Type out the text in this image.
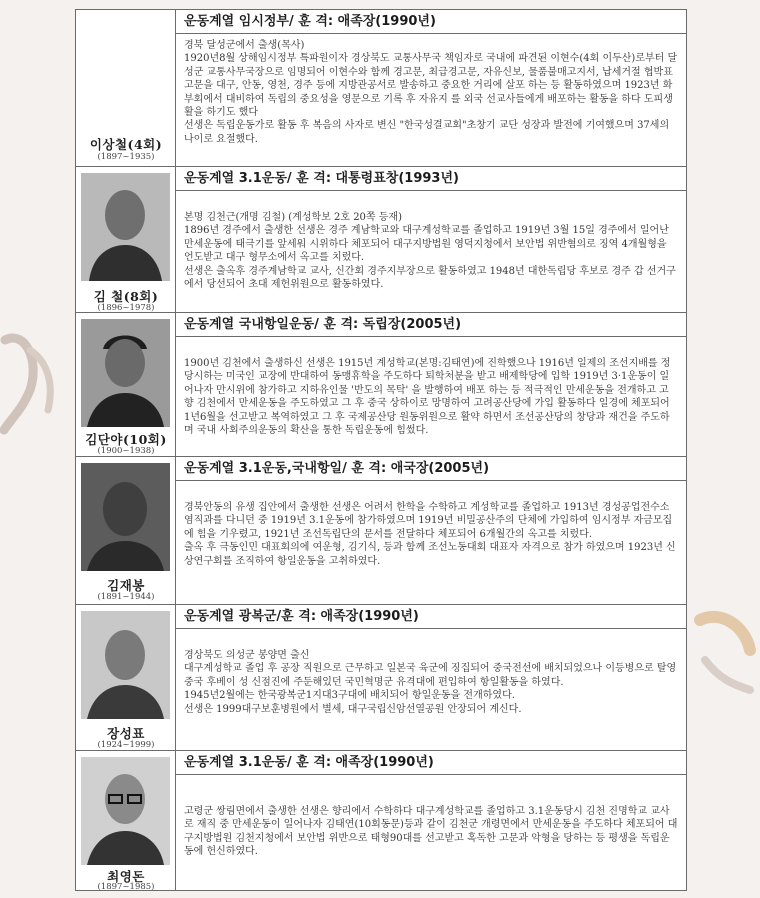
이상철(4회)
(1897~1935)
운동계열 임시정부/ 훈 격: 애족장(1990년)

경북 달성군에서 출생(목사)

1920년8월 상해임시정부 특파원이자 경상북도 교통사무국 책임자로 국내에 파견된 이현수(4회 이두산)로부터 달성군 교통사무국장으로 임명되어 이현수와 함께 경고문, 최급경고문, 자유신보, 물품불매고지서, 납세거절 협박표고문을 대구, 안동, 영천, 경주 등에 지방관공서로 발송하고 중요한 거리에 살포 하는 등 활동하였으며 1923년 화부회에서 대비하여 독립의 중요성을 영문으로 기록 후 자유지 를 외국 선교사들에게 배포하는 활동을 하다 도피생활을 하기도 했다

선생은 독립운동가로 활동 후 복음의 사자로 변신 "한국성결교회"초창기 교단 성장과 발전에 기여했으며 37세의 나이로 요절했다.

김 철(8회)
(1896~1978)
운동계열 3.1운동/ 훈 격: 대통령표창(1993년)

본명 김천근(개명 김철) (계성학보 2호 20쪽 등재)

1896년 경주에서 출생한 선생은 경주 계남학교와 대구계성학교를 졸업하고 1919년 3월 15일 경주에서 일어난 만세운동에 태극기를 앞세워 시위하다 체포되어 대구지방법원 영덕지청에서 보안법 위반혐의로 징역 4개월형을 언도받고 대구 형무소에서 옥고를 치렀다.

선생은 출옥후 경주계남학교 교사, 신간회 경주지부장으로 활동하였고 1948년 대한독립당 후보로 경주 갑 선거구에서 당선되어 초대 제헌위원으로 활동하였다.

김단야(10회)
(1900~1938)
운동계열 국내항일운동/ 훈 격: 독립장(2005년)

1900년 김천에서 출생하신 선생은 1915년 계성학교(본명:김태연)에 진학했으나 1916년 일제의 조선지배를 정당시하는 미국인 교장에 반대하여 동맹휴학을 주도하다 퇴학처분을 받고 배제학당에 입학 1919년 3·1운동이 일어나자 만시위에 참가하고 지하유인물 '반도의 목탁' 을 발행하여 배포 하는 등 적극적인 만세운동을 전개하고 고향 김천에서 만세운동을 주도하였고 그 후 중국 상하이로 망명하여 고려공산당에 가입 활동하다 일경에 체포되어 1년6월을 선고받고 복역하였고 그 후 국제공산당 원동위원으로 활약 하면서 조선공산당의 창당과 재건을 주도하며 국내 사회주의운동의 확산을 통한 독립운동에 힘썼다.

김재봉
(1891~1944)
운동계열 3.1운동,국내항일/ 훈 격: 애국장(2005년)

경북안동의 유생 집안에서 출생한 선생은 어려서 한학을 수학하고 계성학교를 졸업하고 1913년 경성공업전수소 염직과를 다니던 중 1919년 3.1운동에 참가하였으며 1919년 비밀공산주의 단체에 가입하여 임시정부 자금모집에 힘을 기우렸고, 1921년 조선독립단의 문서를 전달하다 체포되어 6개월간의 옥고를 치렀다.

출옥 후 극동인민 대표회의에 여운형, 김기식, 등과 함께 조선노동대회 대표자 자격으로 참가 하였으며 1923년 신상연구회를 조직하여 항일운동을 고취하였다.

장성표
(1924~1999)
운동계열 광복군/훈 격: 애족장(1990년)

경상북도 의성군 봉양면 출신

대구계성학교 졸업 후 공장 직원으로 근무하고 일본국 육군에 징집되어 중국전선에 배치되었으나 이등병으로 탈영 중국 후베이 성 신점진에 주둔해있던 국민혁명군 유격대에 편입하여 항일활동을 하였다.

1945년2월에는 한국광복군1지대3구대에 배치되어 항일운동을 전개하였다.

선생은 1999대구보훈병원에서 별세, 대구국립신암선열공원 안장되어 계신다.

최영돈
(1897~1985)
운동계열 3.1운동/ 훈 격: 애족장(1990년)

고령군 쌍림면에서 출생한 선생은 향리에서 수학하다 대구계성학교를 졸업하고 3.1운동당시 김천 진명학교 교사로 재직 중 만세운동이 일어나자 김태연(10회동문)등과 같이 김천군 개령면에서 만세운동을 주도하다 체포되어 대구지방법원 김천지청에서 보안법 위반으로 태형90대를 선고받고 혹독한 고문과 악형을 당하는 등 평생을 독립운동에 헌신하였다.
